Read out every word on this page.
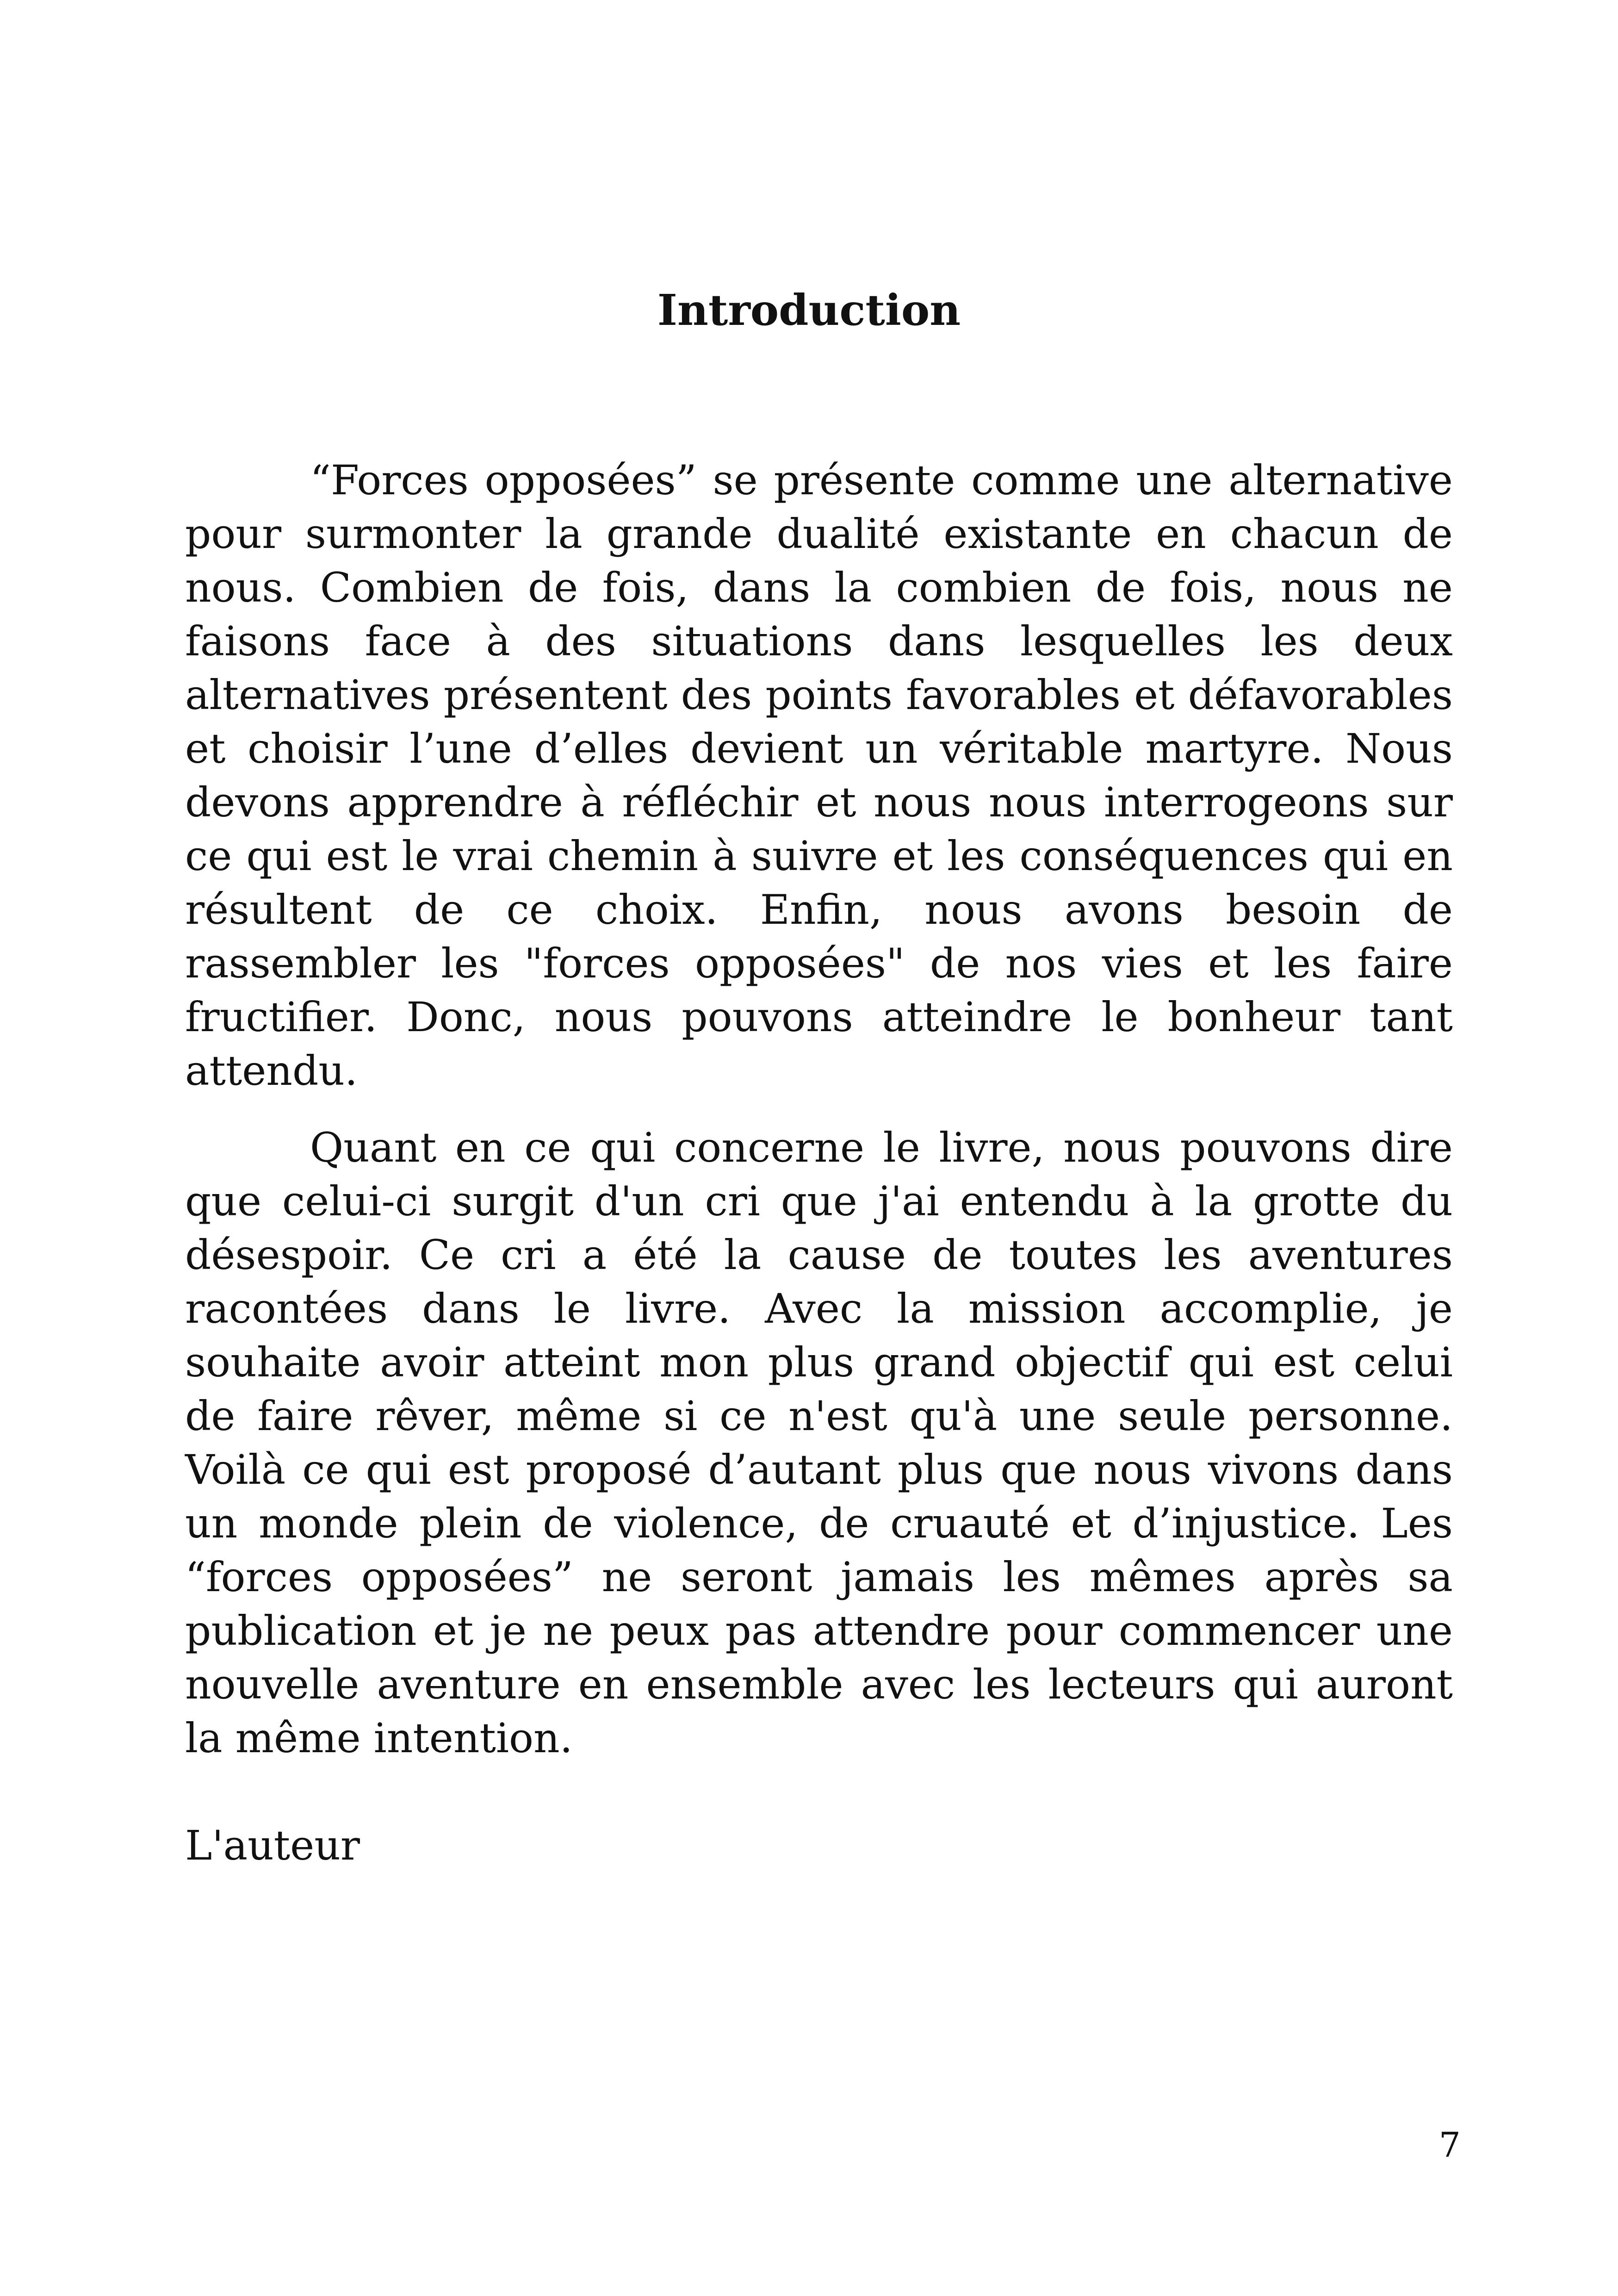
Introduction

“Forces opposées” se présente comme une alternative pour surmonter la grande dualité existante en chacun de nous. Combien de fois, dans la combien de fois, nous ne faisons face à des situations dans lesquelles les deux alternatives présentent des points favorables et défavorables et choisir l’une d’elles devient un véritable martyre. Nous devons apprendre à réfléchir et nous nous interrogeons sur ce qui est le vrai chemin à suivre et les conséquences qui en résultent de ce choix. Enfin, nous avons besoin de rassembler les "forces opposées" de nos vies et les faire fructifier. Donc, nous pouvons atteindre le bonheur tant attendu.

Quant en ce qui concerne le livre, nous pouvons dire que celui-ci surgit d'un cri que j'ai entendu à la grotte du désespoir. Ce cri a été la cause de toutes les aventures racontées dans le livre. Avec la mission accomplie, je souhaite avoir atteint mon plus grand objectif qui est celui de faire rêver, même si ce n'est qu'à une seule personne. Voilà ce qui est proposé d’autant plus que nous vivons dans un monde plein de violence, de cruauté et d’injustice. Les “forces opposées” ne seront jamais les mêmes après sa publication et je ne peux pas attendre pour commencer une nouvelle aventure en ensemble avec les lecteurs qui auront la même intention.

L'auteur

7
